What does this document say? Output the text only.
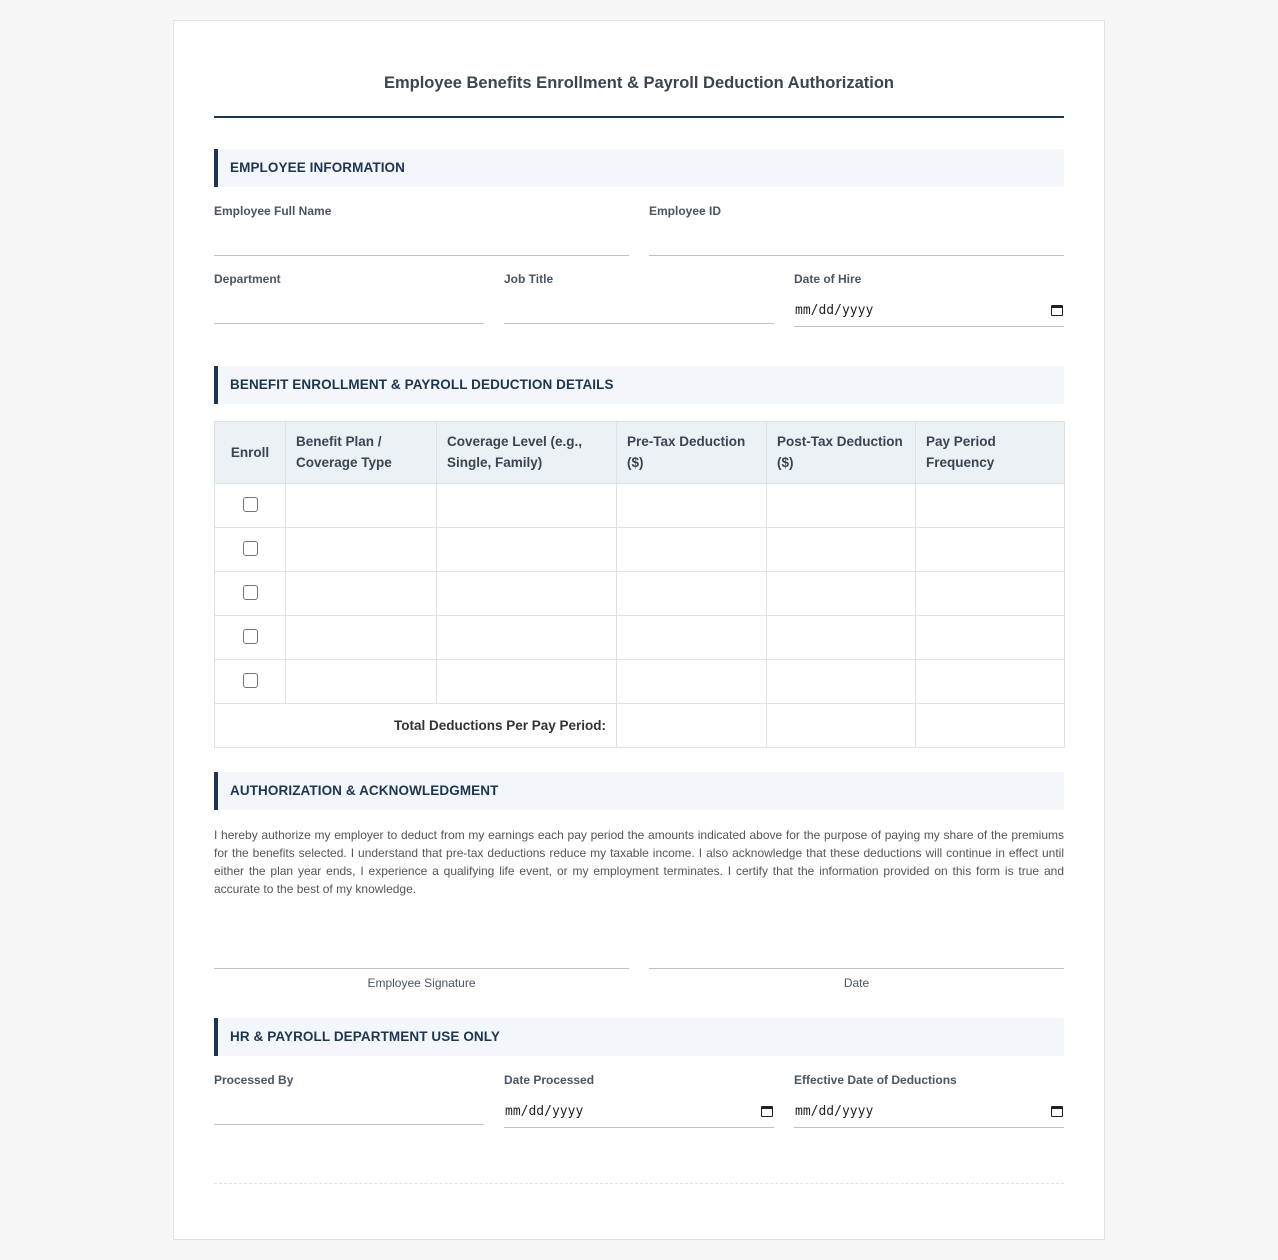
Employee Benefits Enrollment & Payroll Deduction Authorization
EMPLOYEE INFORMATION
Employee Full Name	Employee ID
Department	Job Title	Date of Hire
mm/dd/yyyy
BENEFIT ENROLLMENT & PAYROLL DEDUCTION DETAILS
Enroll	Benefit Plan / Coverage Type	Coverage Level (e.g., Single, Family)	Pre-Tax Deduction ($)	Post-Tax Deduction ($)	Pay Period Frequency

Total Deductions Per Pay Period:					
AUTHORIZATION & ACKNOWLEDGMENT
I hereby authorize my employer to deduct from my earnings each pay period the amounts indicated above for the purpose of paying my share of the premiums for the benefits selected. I understand that pre-tax deductions reduce my taxable income. I also acknowledge that these deductions will continue in effect until either the plan year ends, I experience a qualifying life event, or my employment terminates. I certify that the information provided on this form is true and accurate to the best of my knowledge.
Employee Signature	Date
HR & PAYROLL DEPARTMENT USE ONLY
Processed By	Date Processed
mm/dd/yyyy
Effective Date of Deductions
mm/dd/yyyy
